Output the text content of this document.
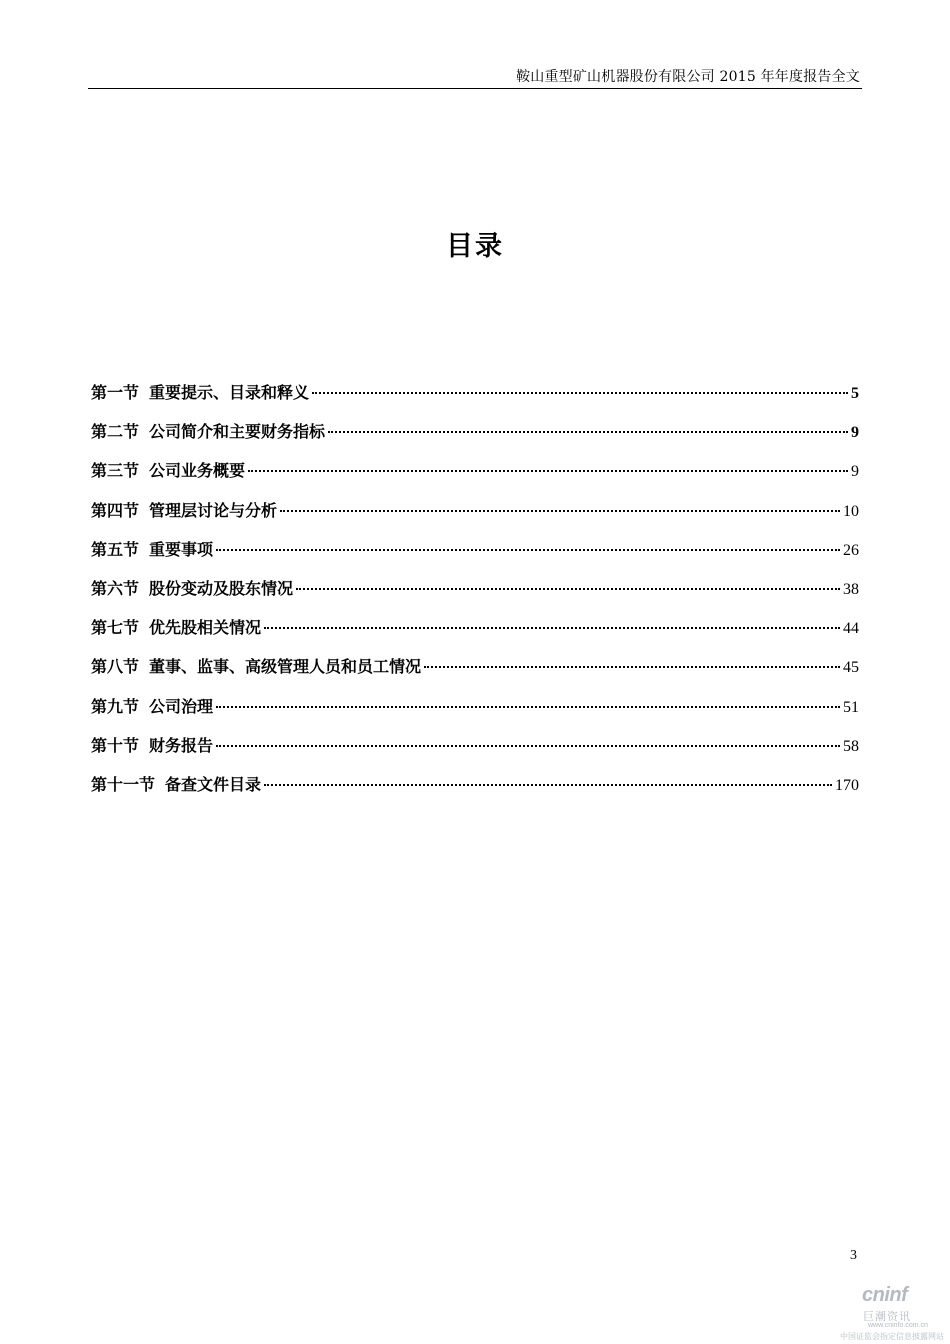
鞍山重型矿山机器股份有限公司 2015 年年度报告全文
目录
第一节 重要提示、目录和释义	5
第二节 公司简介和主要财务指标	9
第三节 公司业务概要	9
第四节 管理层讨论与分析	10
第五节 重要事项	26
第六节 股份变动及股东情况	38
第七节 优先股相关情况	44
第八节 董事、监事、高级管理人员和员工情况	45
第九节 公司治理	51
第十节 财务报告	58
第十一节 备查文件目录	170
3
cninf
巨潮资讯
www.cninfo.com.cn
中国证监会指定信息披露网站
